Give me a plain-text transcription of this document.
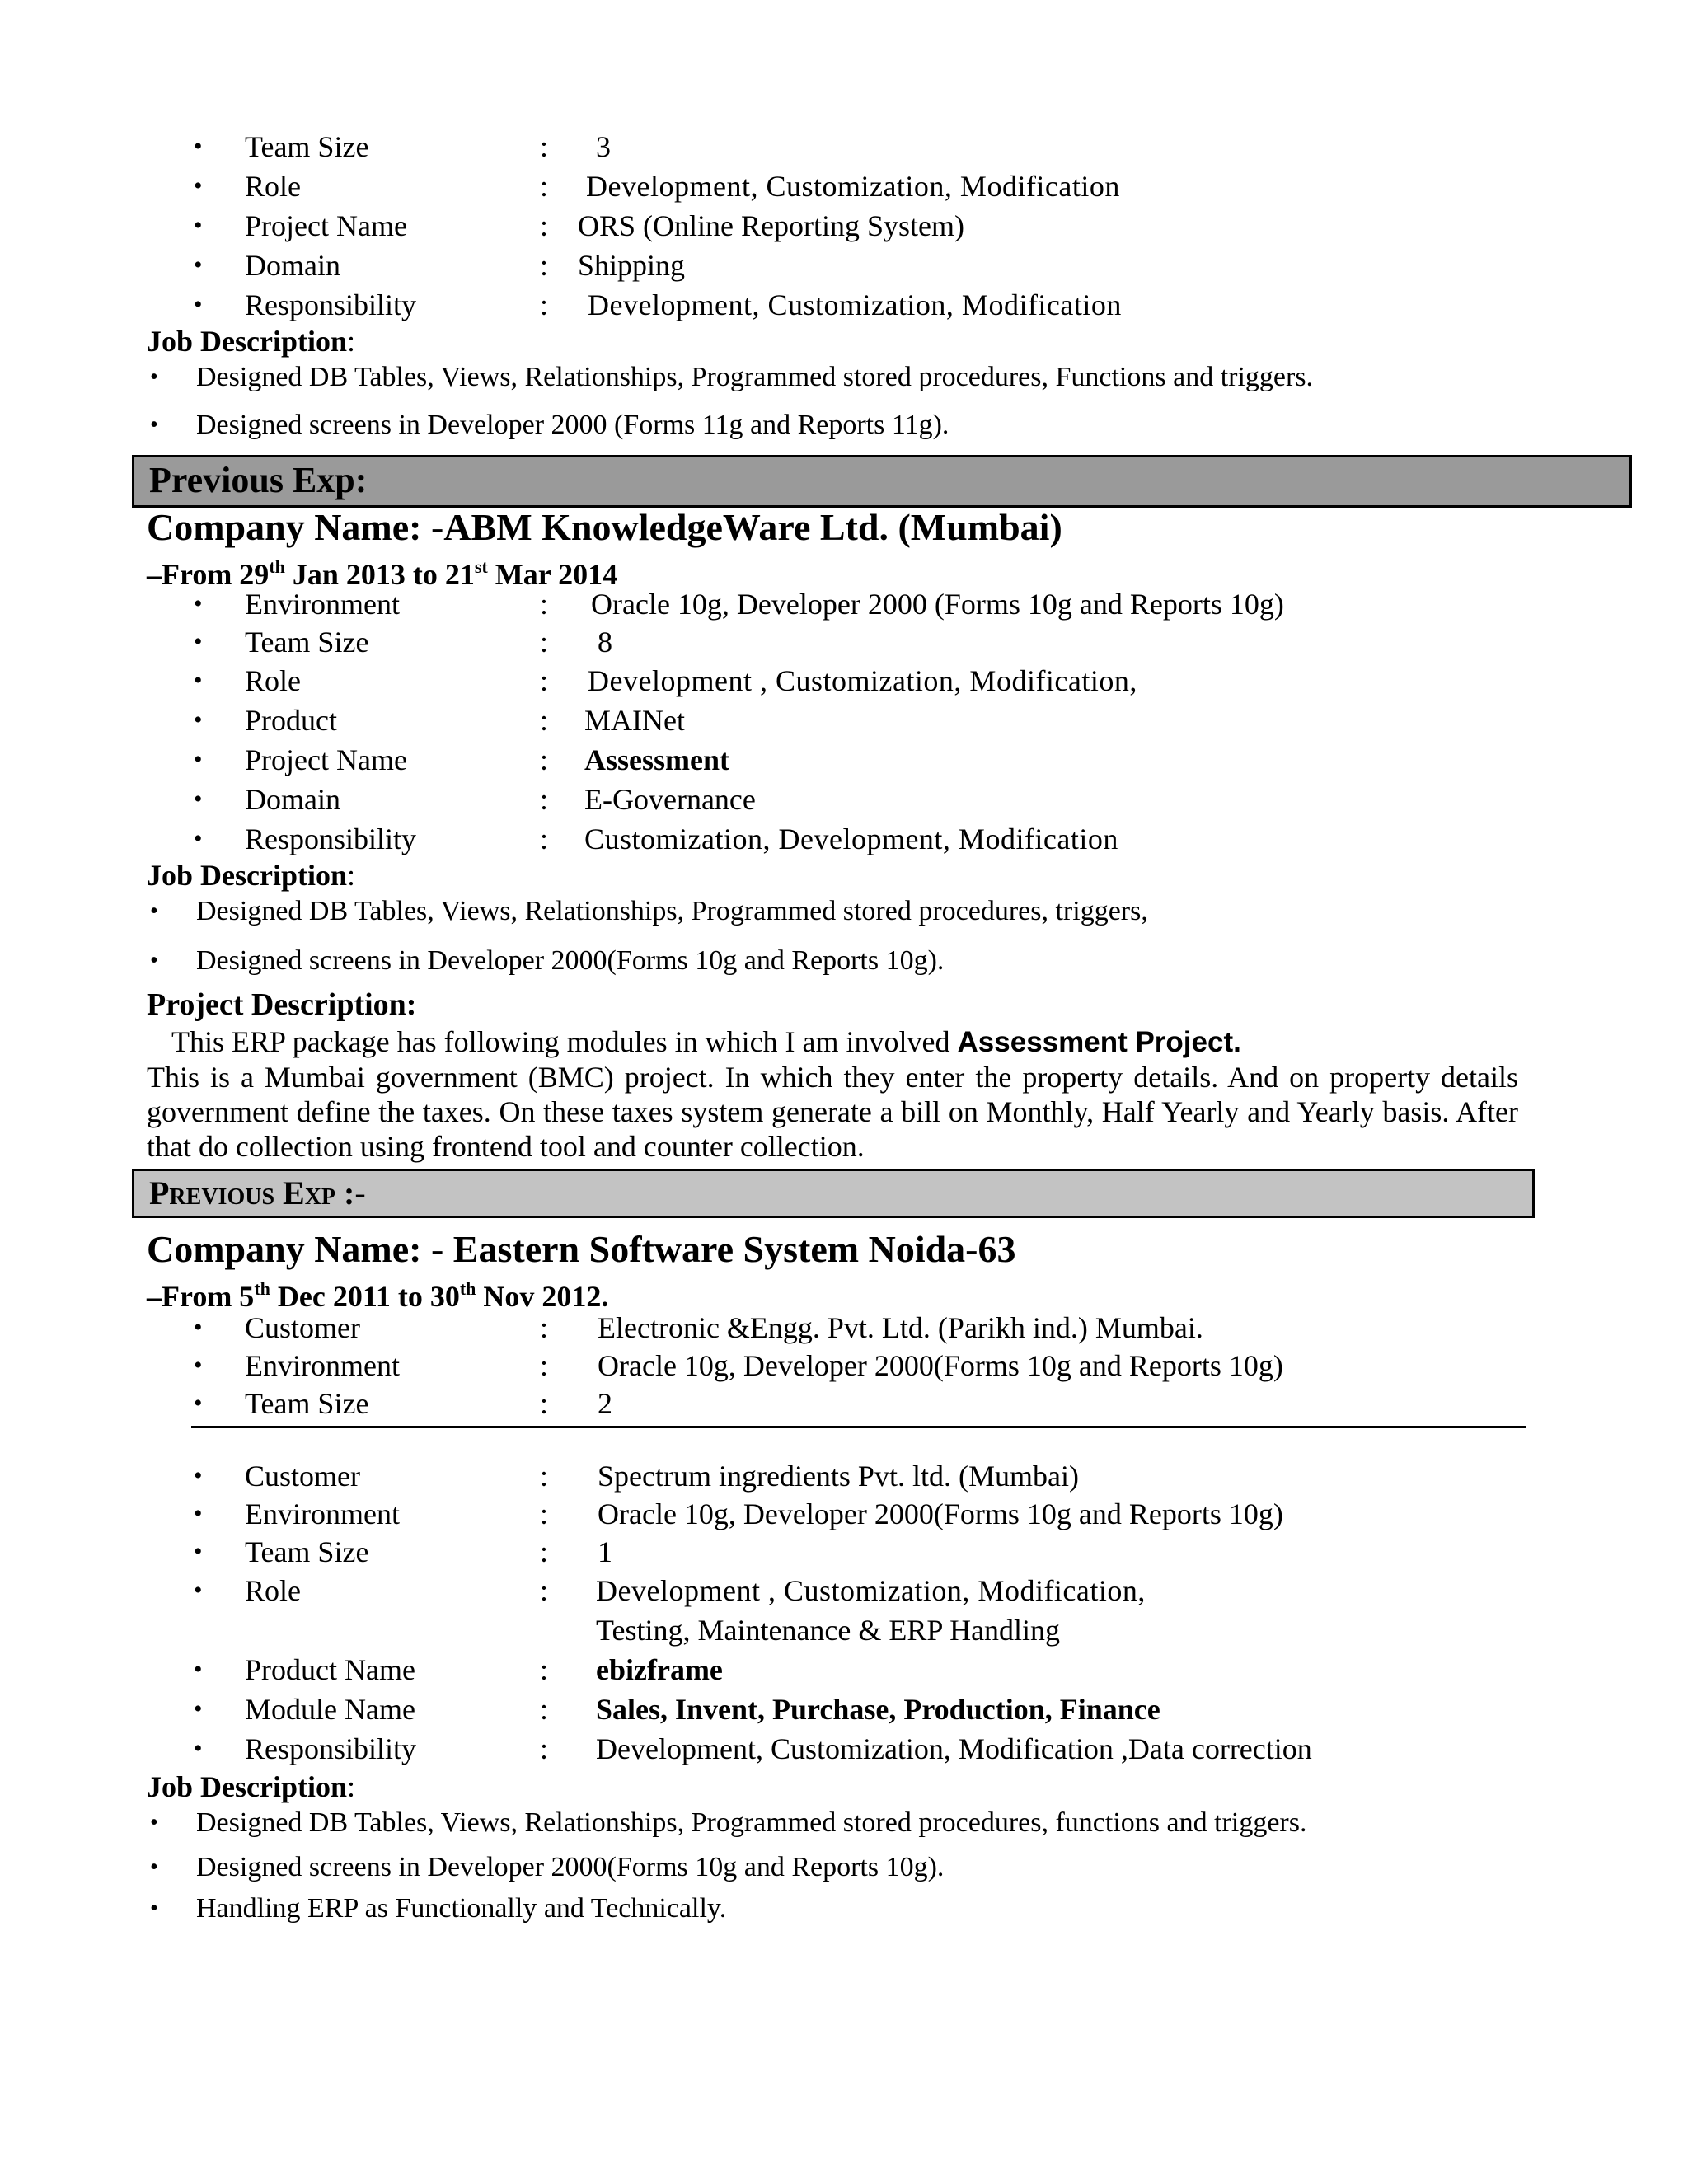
• Team Size	: 3
• Role	: Development, Customization, Modification
• Project Name	: ORS (Online Reporting System)
• Domain	: Shipping
• Responsibility	: Development, Customization, Modification
Job Description:
• Designed DB Tables, Views, Relationships, Programmed stored procedures, Functions and triggers.
• Designed screens in Developer 2000 (Forms 11g and Reports 11g).
Previous Exp:
Company Name: -ABM KnowledgeWare Ltd. (Mumbai)
–From 29th Jan 2013 to 21st Mar 2014
• Environment	: Oracle 10g, Developer 2000 (Forms 10g and Reports 10g)
• Team Size	: 8
• Role	: Development , Customization, Modification,
• Product	: MAINet
• Project Name	: Assessment
• Domain	: E-Governance
• Responsibility	: Customization, Development, Modification
Job Description:
• Designed DB Tables, Views, Relationships, Programmed stored procedures, triggers,
• Designed screens in Developer 2000(Forms 10g and Reports 10g).
Project Description:
This ERP package has following modules in which I am involved Assessment Project.
This is a Mumbai government (BMC) project. In which they enter the property details. And on property details government define the taxes. On these taxes system generate a bill on Monthly, Half Yearly and Yearly basis. After that do collection using frontend tool and counter collection.
Previous Exp :-
Company Name: - Eastern Software System Noida-63
–From 5th Dec 2011 to 30th Nov 2012.
• Customer	: Electronic &Engg. Pvt. Ltd. (Parikh ind.) Mumbai.
• Environment	: Oracle 10g, Developer 2000(Forms 10g and Reports 10g)
• Team Size	: 2
• Customer	: Spectrum ingredients Pvt. ltd. (Mumbai)
• Environment	: Oracle 10g, Developer 2000(Forms 10g and Reports 10g)
• Team Size	: 1
• Role	: Development , Customization, Modification,
Testing, Maintenance & ERP Handling
• Product Name	: ebizframe
• Module Name	: Sales, Invent, Purchase, Production, Finance
• Responsibility	: Development, Customization, Modification ,Data correction
Job Description:
• Designed DB Tables, Views, Relationships, Programmed stored procedures, functions and triggers.
• Designed screens in Developer 2000(Forms 10g and Reports 10g).
• Handling ERP as Functionally and Technically.
